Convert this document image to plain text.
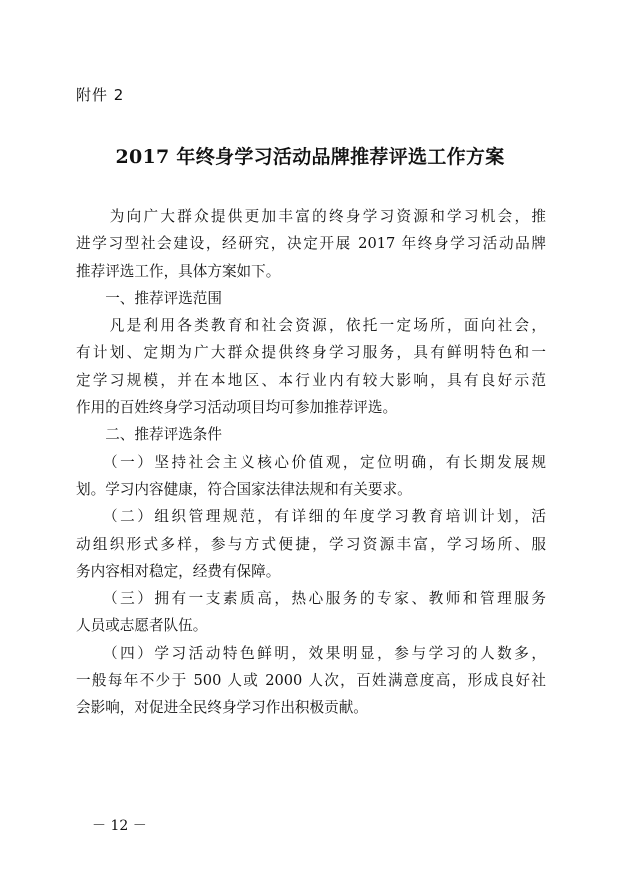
附件 2
2017 年终身学习活动品牌推荐评选工作方案
　　为向广大群众提供更加丰富的终身学习资源和学习机会，推
进学习型社会建设，经研究，决定开展 2017 年终身学习活动品牌
推荐评选工作，具体方案如下。
　　一、推荐评选范围
　　凡是利用各类教育和社会资源，依托一定场所，面向社会，
有计划、定期为广大群众提供终身学习服务，具有鲜明特色和一
定学习规模，并在本地区、本行业内有较大影响，具有良好示范
作用的百姓终身学习活动项目均可参加推荐评选。
　　二、推荐评选条件
　　（一）坚持社会主义核心价值观，定位明确，有长期发展规
划。学习内容健康，符合国家法律法规和有关要求。
　　（二）组织管理规范，有详细的年度学习教育培训计划，活
动组织形式多样，参与方式便捷，学习资源丰富，学习场所、服
务内容相对稳定，经费有保障。
　　（三）拥有一支素质高，热心服务的专家、教师和管理服务
人员或志愿者队伍。
　　（四）学习活动特色鲜明，效果明显，参与学习的人数多，
一般每年不少于 500 人或 2000 人次，百姓满意度高，形成良好社
会影响，对促进全民终身学习作出积极贡献。
－ 12 －
